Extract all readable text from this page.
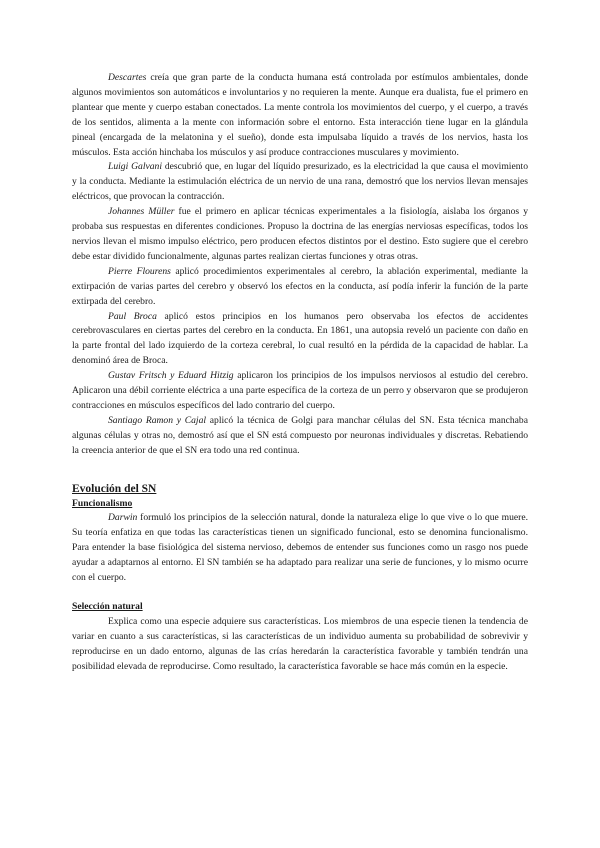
Descartes creía que gran parte de la conducta humana está controlada por estímulos ambientales, donde algunos movimientos son automáticos e involuntarios y no requieren la mente. Aunque era dualista, fue el primero en plantear que mente y cuerpo estaban conectados. La mente controla los movimientos del cuerpo, y el cuerpo, a través de los sentidos, alimenta a la mente con información sobre el entorno. Esta interacción tiene lugar en la glándula pineal (encargada de la melatonina y el sueño), donde esta impulsaba líquido a través de los nervios, hasta los músculos. Esta acción hinchaba los músculos y así produce contracciones musculares y movimiento.

Luigi Galvani descubrió que, en lugar del líquido presurizado, es la electricidad la que causa el movimiento y la conducta. Mediante la estimulación eléctrica de un nervio de una rana, demostró que los nervios llevan mensajes eléctricos, que provocan la contracción.

Johannes Müller fue el primero en aplicar técnicas experimentales a la fisiología, aislaba los órganos y probaba sus respuestas en diferentes condiciones. Propuso la doctrina de las energías nerviosas específicas, todos los nervios llevan el mismo impulso eléctrico, pero producen efectos distintos por el destino. Esto sugiere que el cerebro debe estar dividido funcionalmente, algunas partes realizan ciertas funciones y otras otras.

Pierre Flourens aplicó procedimientos experimentales al cerebro, la ablación experimental, mediante la extirpación de varias partes del cerebro y observó los efectos en la conducta, así podía inferir la función de la parte extirpada del cerebro.

Paul Broca aplicó estos principios en los humanos pero observaba los efectos de accidentes cerebrovasculares en ciertas partes del cerebro en la conducta. En 1861, una autopsia reveló un paciente con daño en la parte frontal del lado izquierdo de la corteza cerebral, lo cual resultó en la pérdida de la capacidad de hablar. La denominó área de Broca.

Gustav Fritsch y Eduard Hitzig aplicaron los principios de los impulsos nerviosos al estudio del cerebro. Aplicaron una débil corriente eléctrica a una parte específica de la corteza de un perro y observaron que se produjeron contracciones en músculos específicos del lado contrario del cuerpo.

Santiago Ramon y Cajal aplicó la técnica de Golgi para manchar células del SN. Esta técnica manchaba algunas células y otras no, demostró así que el SN está compuesto por neuronas individuales y discretas. Rebatiendo la creencia anterior de que el SN era todo una red continua.

Evolución del SN
Funcionalismo

Darwin formuló los principios de la selección natural, donde la naturaleza elige lo que vive o lo que muere. Su teoría enfatiza en que todas las características tienen un significado funcional, esto se denomina funcionalismo. Para entender la base fisiológica del sistema nervioso, debemos de entender sus funciones como un rasgo nos puede ayudar a adaptarnos al entorno. El SN también se ha adaptado para realizar una serie de funciones, y lo mismo ocurre con el cuerpo.

Selección natural

Explica como una especie adquiere sus características. Los miembros de una especie tienen la tendencia de variar en cuanto a sus características, si las características de un individuo aumenta su probabilidad de sobrevivir y reproducirse en un dado entorno, algunas de las crías heredarán la característica favorable y también tendrán una posibilidad elevada de reproducirse. Como resultado, la característica favorable se hace más común en la especie.
